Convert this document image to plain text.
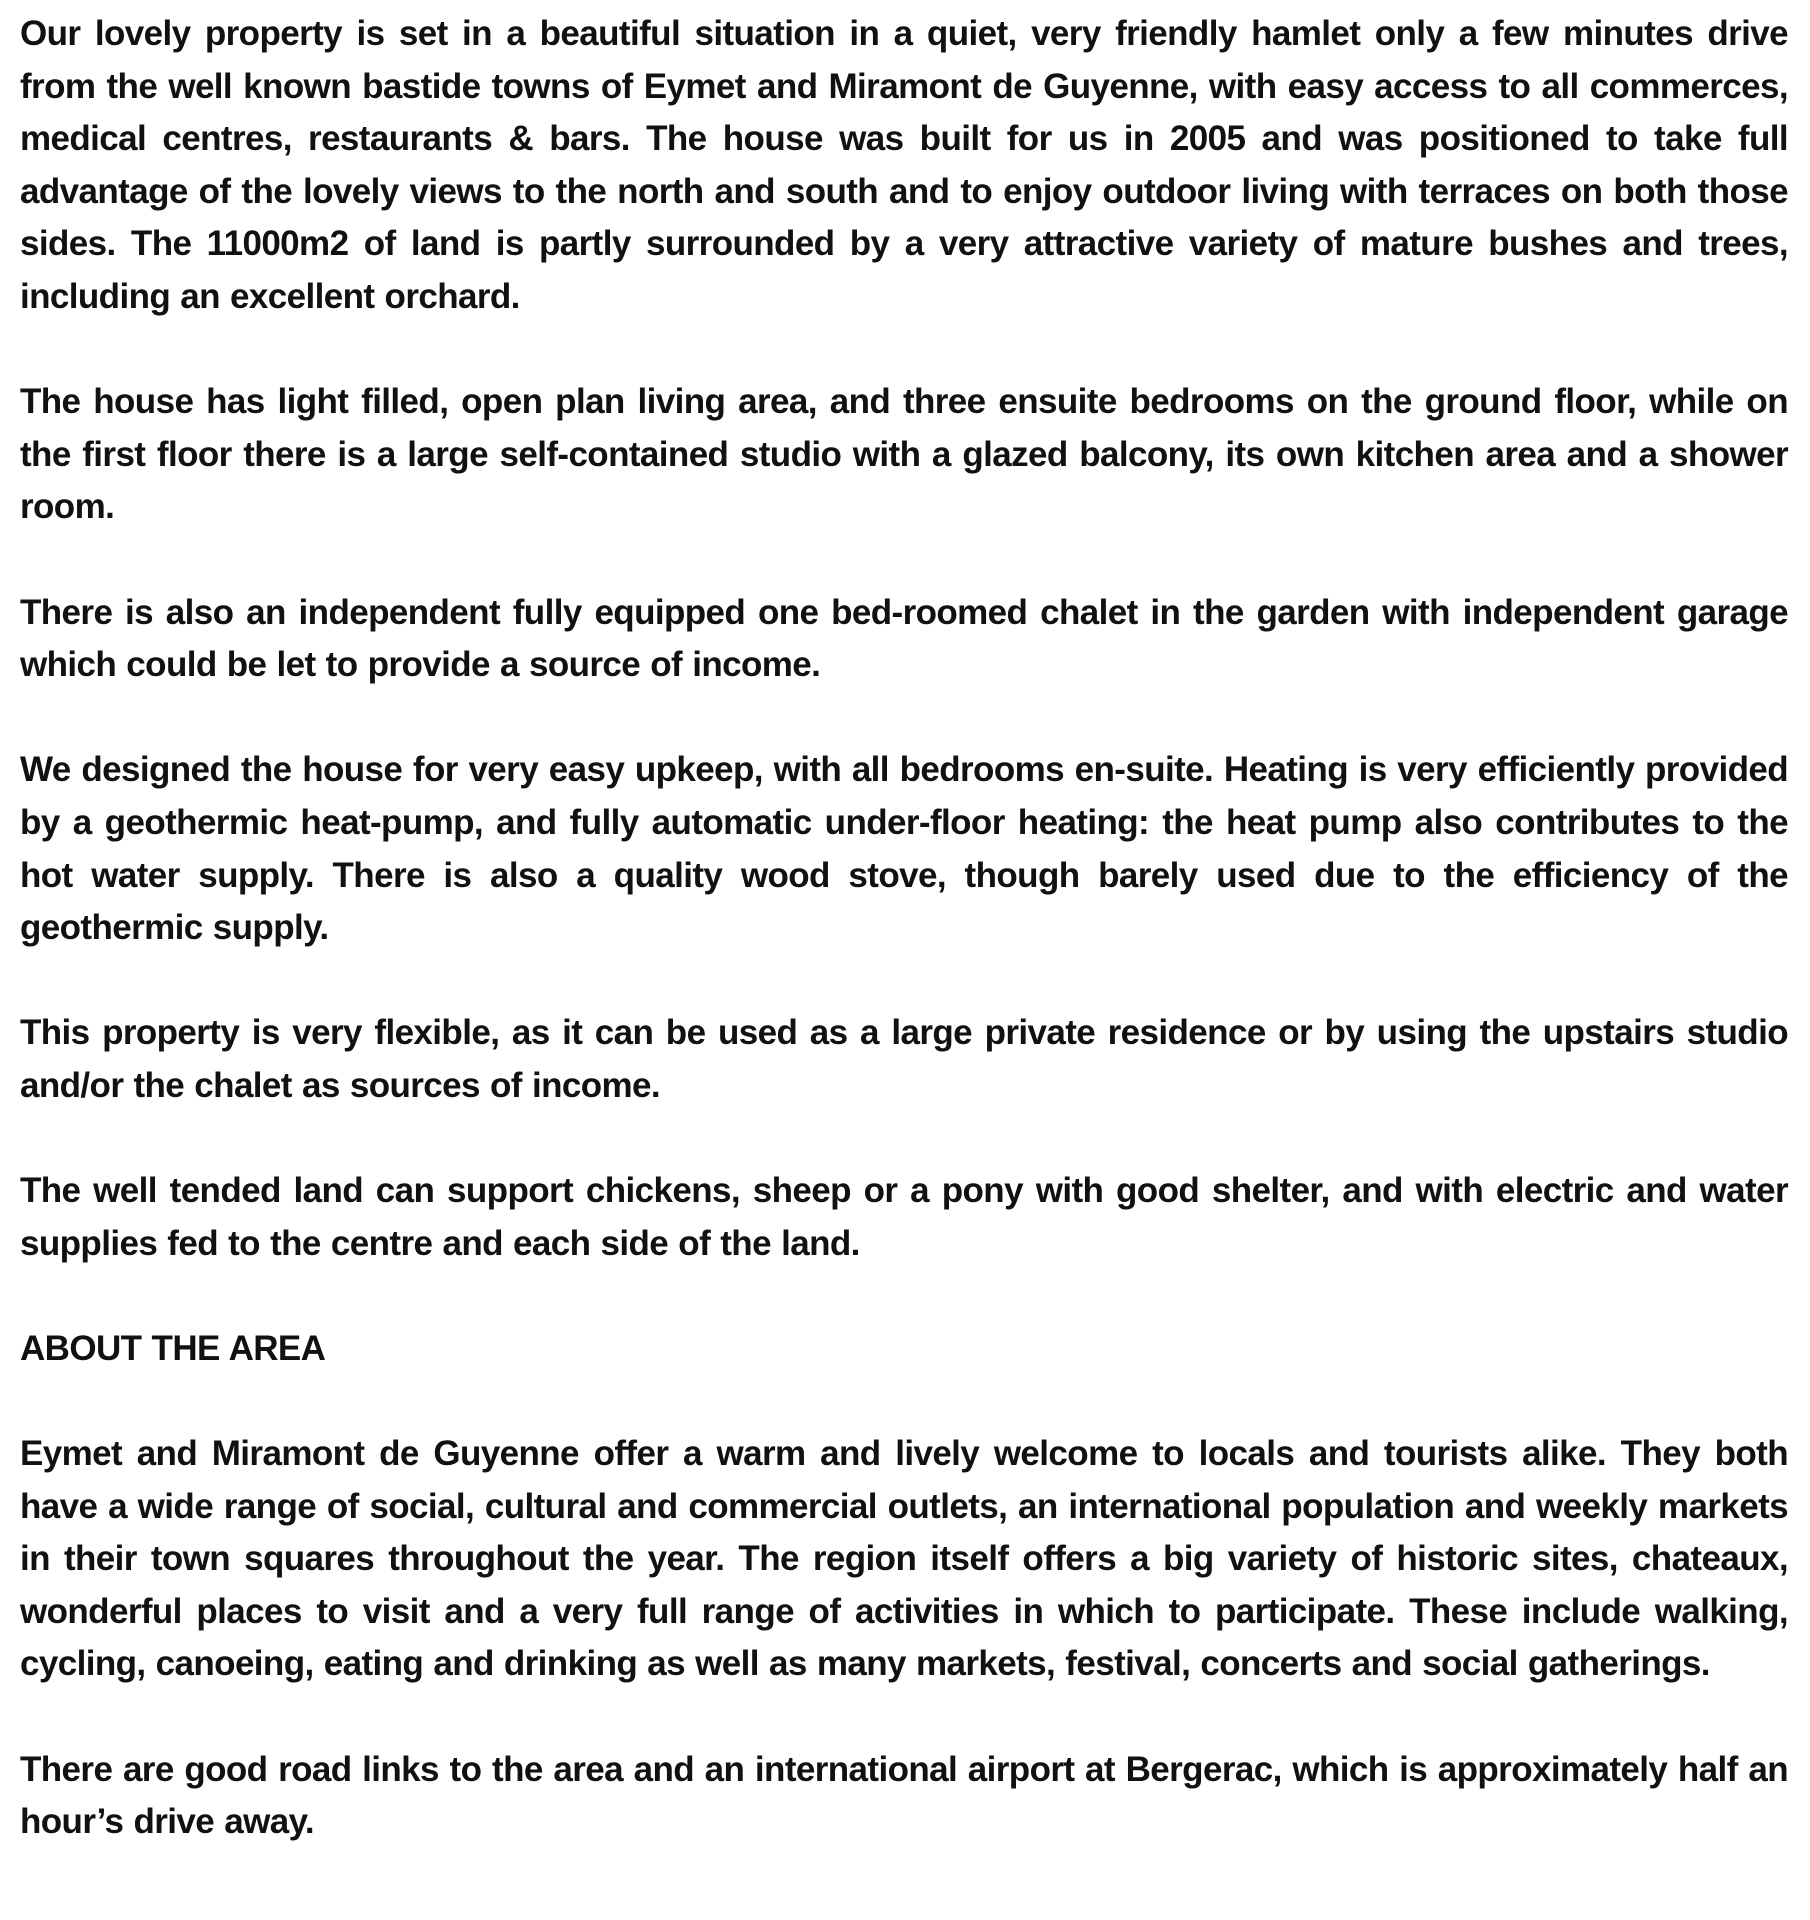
Our lovely property is set in a beautiful situation in a quiet, very friendly hamlet only a few minutes drive from the well known bastide towns of Eymet and Miramont de Guyenne, with easy access to all commerces, medical centres, restaurants & bars. The house was built for us in 2005 and was positioned to take full advantage of the lovely views to the north and south and to enjoy outdoor living with terraces on both those sides. The 11000m2 of land is partly surrounded by a very attractive variety of mature bushes and trees, including an excellent orchard.

The house has light filled, open plan living area, and three ensuite bedrooms on the ground floor, while on the first floor there is a large self-contained studio with a glazed balcony, its own kitchen area and a shower room.

There is also an independent fully equipped one bed-roomed chalet in the garden with independent garage which could be let to provide a source of income.

We designed the house for very easy upkeep, with all bedrooms en-suite. Heating is very efficiently provided by a geothermic heat-pump, and fully automatic under-floor heating: the heat pump also contributes to the hot water supply. There is also a quality wood stove, though barely used due to the efficiency of the geothermic supply.

This property is very flexible, as it can be used as a large private residence or by using the upstairs studio and/or the chalet as sources of income.

The well tended land can support chickens, sheep or a pony with good shelter, and with electric and water supplies fed to the centre and each side of the land.

ABOUT THE AREA

Eymet and Miramont de Guyenne offer a warm and lively welcome to locals and tourists alike. They both have a wide range of social, cultural and commercial outlets, an international population and weekly markets in their town squares throughout the year. The region itself offers a big variety of historic sites, chateaux, wonderful places to visit and a very full range of activities in which to participate. These include walking, cycling, canoeing, eating and drinking as well as many markets, festival, concerts and social gatherings.

There are good road links to the area and an international airport at Bergerac, which is approximately half an hour’s drive away.
